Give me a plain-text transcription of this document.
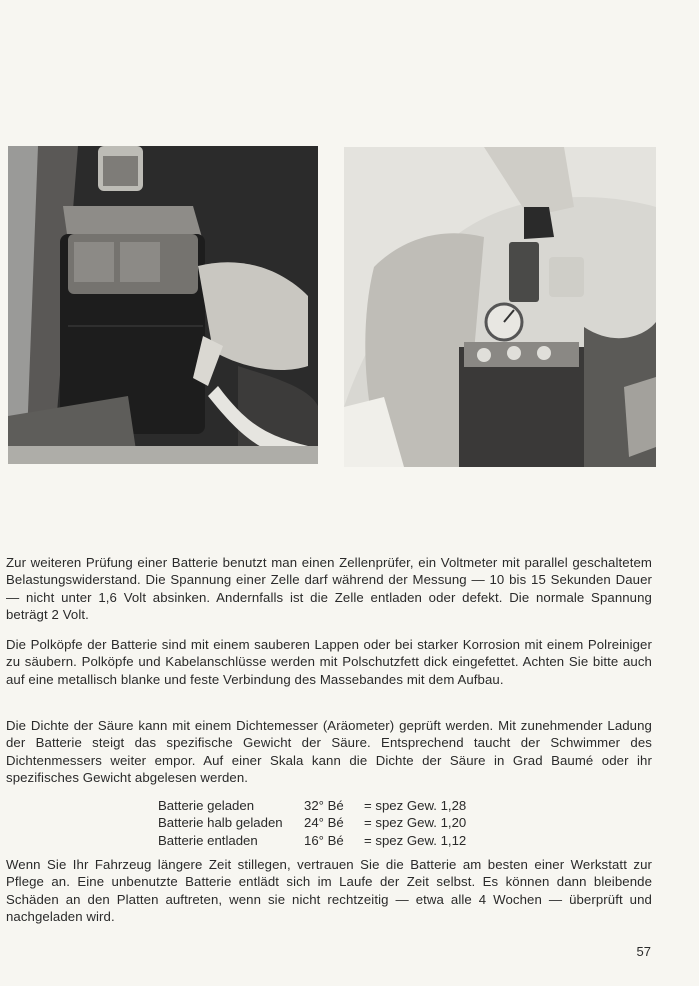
Zur weiteren Prüfung einer Batterie benutzt man einen Zellenprüfer, ein Voltmeter mit parallel geschaltetem Belastungswiderstand. Die Spannung einer Zelle darf während der Messung — 10 bis 15 Sekunden Dauer — nicht unter 1,6 Volt absinken. Andernfalls ist die Zelle entladen oder defekt. Die normale Spannung beträgt 2 Volt.
Die Polköpfe der Batterie sind mit einem sauberen Lappen oder bei starker Korrosion mit einem Polreiniger zu säubern. Polköpfe und Kabelanschlüsse werden mit Polschutzfett dick eingefettet. Achten Sie bitte auch auf eine metallisch blanke und feste Verbindung des Massebandes mit dem Aufbau.
Die Dichte der Säure kann mit einem Dichtemesser (Aräometer) geprüft werden. Mit zunehmender Ladung der Batterie steigt das spezifische Gewicht der Säure. Entsprechend taucht der Schwimmer des Dichtenmessers weiter empor. Auf einer Skala kann die Dichte der Säure in Grad Baumé oder ihr spezifisches Gewicht abgelesen werden.
Batterie geladen	32° Bé	= spez Gew. 1,28
Batterie halb geladen	24° Bé	= spez Gew. 1,20
Batterie entladen	16° Bé	= spez Gew. 1,12
Wenn Sie Ihr Fahrzeug längere Zeit stillegen, vertrauen Sie die Batterie am besten einer Werkstatt zur Pflege an. Eine unbenutzte Batterie entlädt sich im Laufe der Zeit selbst. Es können dann bleibende Schäden an den Platten auftreten, wenn sie nicht rechtzeitig — etwa alle 4 Wochen — überprüft und nachgeladen wird.
57
